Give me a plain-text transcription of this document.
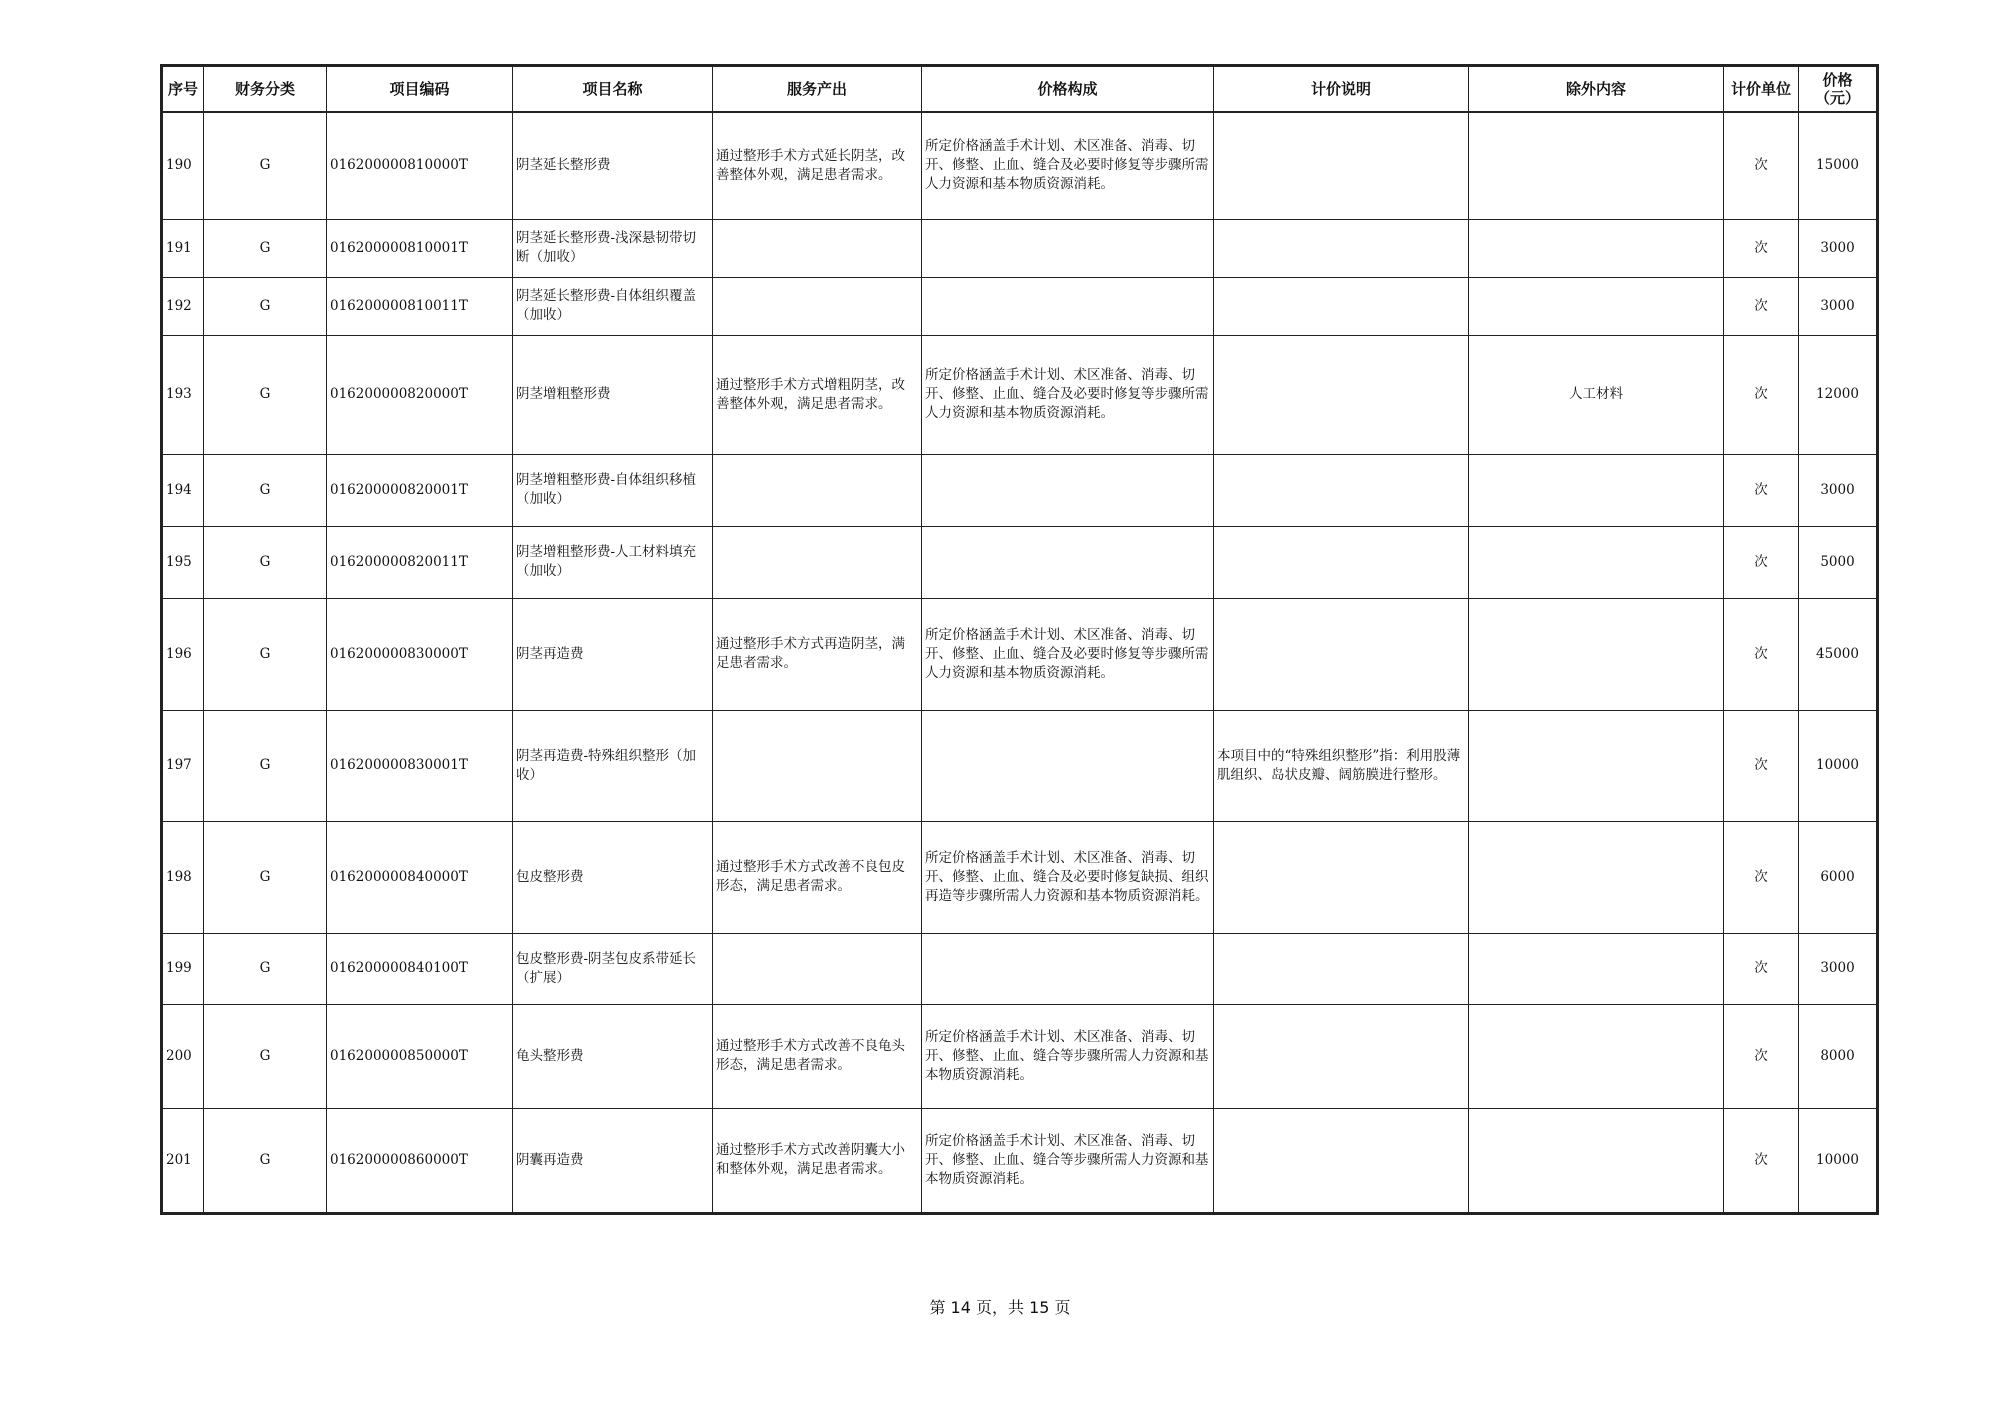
序号	财务分类	项目编码	项目名称	服务产出	价格构成	计价说明	除外内容	计价单位	价格
（元）
190	G	016200000810000T	阴茎延长整形费	通过整形手术方式延长阴茎，改善整体外观，满足患者需求。	所定价格涵盖手术计划、术区准备、消毒、切开、修整、止血、缝合及必要时修复等步骤所需人力资源和基本物质资源消耗。			次	15000
191	G	016200000810001T	阴茎延长整形费-浅深悬韧带切断（加收）					次	3000
192	G	016200000810011T	阴茎延长整形费-自体组织覆盖（加收）					次	3000
193	G	016200000820000T	阴茎增粗整形费	通过整形手术方式增粗阴茎，改善整体外观，满足患者需求。	所定价格涵盖手术计划、术区准备、消毒、切开、修整、止血、缝合及必要时修复等步骤所需人力资源和基本物质资源消耗。		人工材料	次	12000
194	G	016200000820001T	阴茎增粗整形费-自体组织移植（加收）					次	3000
195	G	016200000820011T	阴茎增粗整形费-人工材料填充（加收）					次	5000
196	G	016200000830000T	阴茎再造费	通过整形手术方式再造阴茎，满足患者需求。	所定价格涵盖手术计划、术区准备、消毒、切开、修整、止血、缝合及必要时修复等步骤所需人力资源和基本物质资源消耗。			次	45000
197	G	016200000830001T	阴茎再造费-特殊组织整形（加收）			本项目中的“特殊组织整形”指：利用股薄肌组织、岛状皮瓣、阔筋膜进行整形。		次	10000
198	G	016200000840000T	包皮整形费	通过整形手术方式改善不良包皮形态，满足患者需求。	所定价格涵盖手术计划、术区准备、消毒、切开、修整、止血、缝合及必要时修复缺损、组织再造等步骤所需人力资源和基本物质资源消耗。			次	6000
199	G	016200000840100T	包皮整形费-阴茎包皮系带延长（扩展）					次	3000
200	G	016200000850000T	龟头整形费	通过整形手术方式改善不良龟头形态，满足患者需求。	所定价格涵盖手术计划、术区准备、消毒、切开、修整、止血、缝合等步骤所需人力资源和基本物质资源消耗。			次	8000
201	G	016200000860000T	阴囊再造费	通过整形手术方式改善阴囊大小和整体外观，满足患者需求。	所定价格涵盖手术计划、术区准备、消毒、切开、修整、止血、缝合等步骤所需人力资源和基本物质资源消耗。			次	10000
第 14 页，共 15 页
